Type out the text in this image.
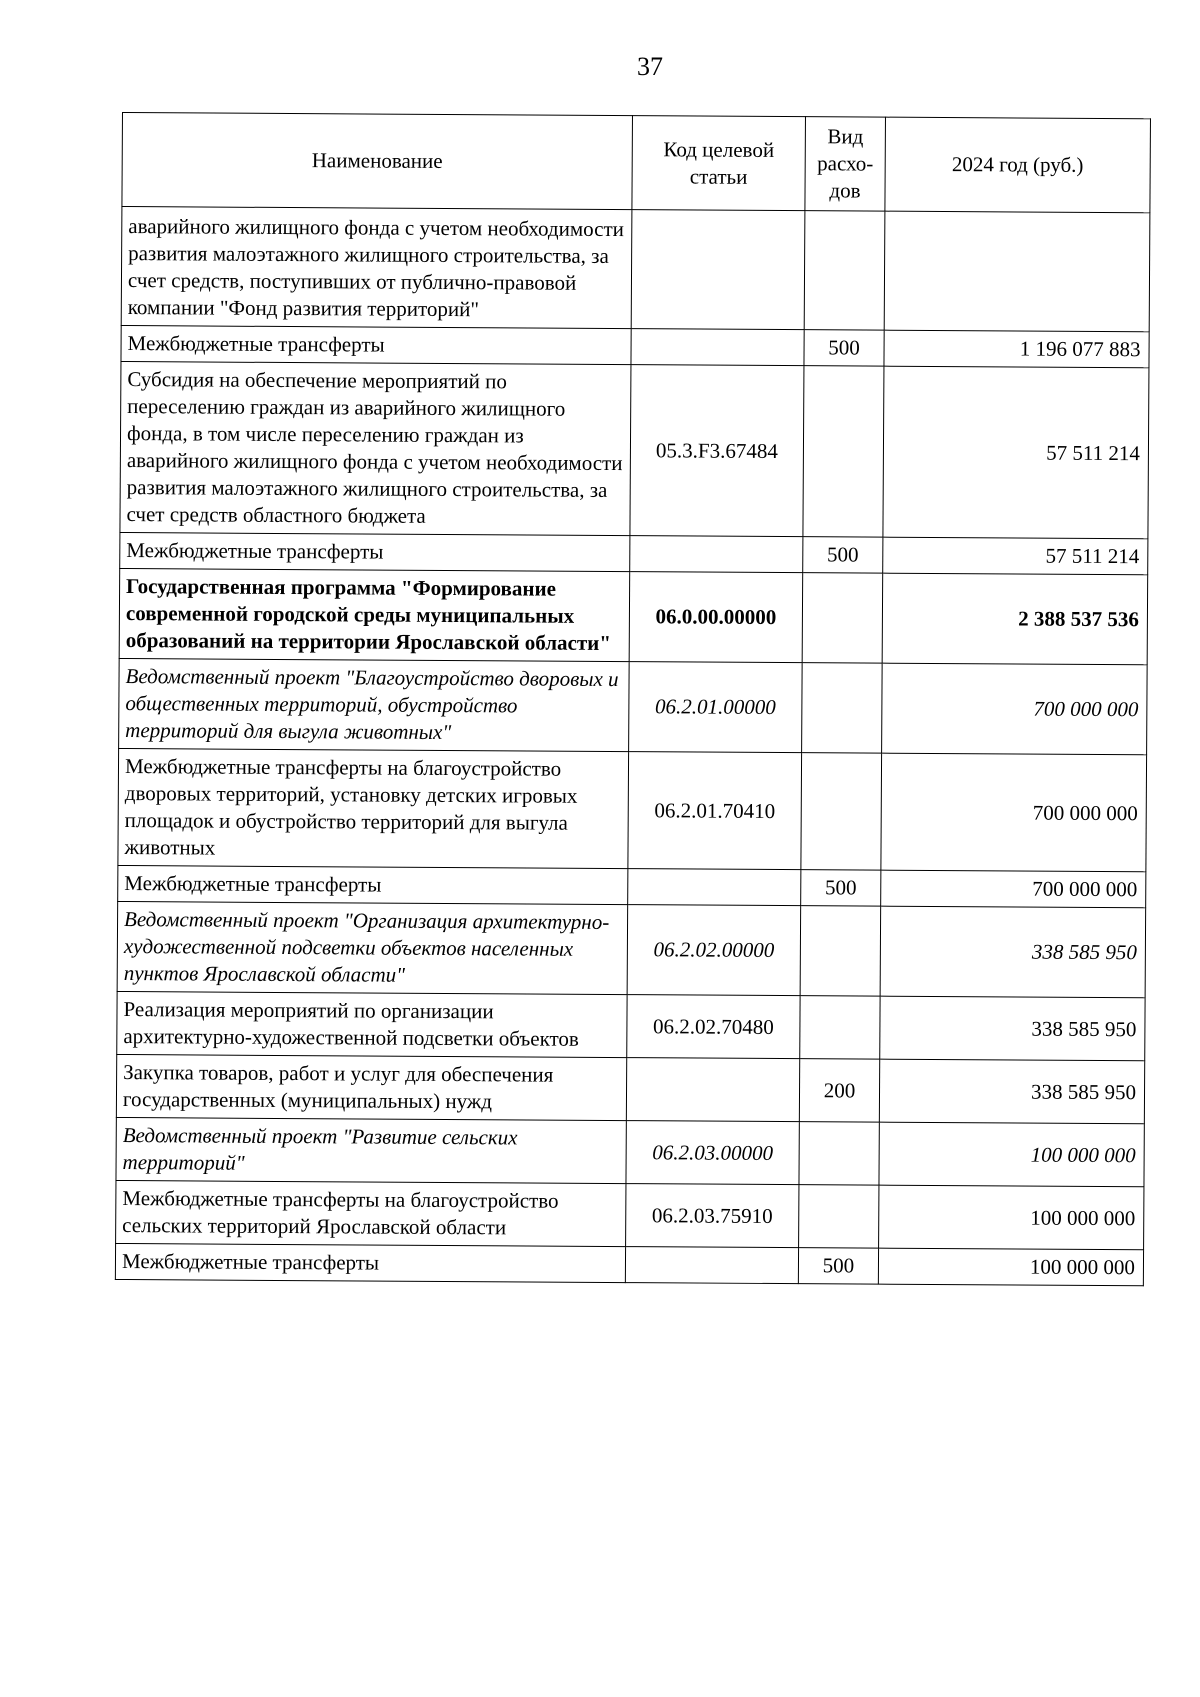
37
Наименование	Код целевой статьи	Вид расхо-дов	2024 год (руб.)
аварийного жилищного фонда с учетом необходимости развития малоэтажного жилищного строительства, за счет средств, поступивших от публично-правовой компании "Фонд развития территорий"			
Межбюджетные трансферты		500	1 196 077 883
Субсидия на обеспечение мероприятий по переселению граждан из аварийного жилищного фонда, в том числе переселению граждан из аварийного жилищного фонда с учетом необходимости развития малоэтажного жилищного строительства, за счет средств областного бюджета	05.3.F3.67484		57 511 214
Межбюджетные трансферты		500	57 511 214
Государственная программа "Формирование современной городской среды муниципальных образований на территории Ярославской области"	06.0.00.00000		2 388 537 536
Ведомственный проект "Благоустройство дворовых и общественных территорий, обустройство территорий для выгула животных"	06.2.01.00000		700 000 000
Межбюджетные трансферты на благоустройство дворовых территорий, установку детских игровых площадок и обустройство территорий для выгула животных	06.2.01.70410		700 000 000
Межбюджетные трансферты		500	700 000 000
Ведомственный проект "Организация архитектурно-художественной подсветки объектов населенных пунктов Ярославской области"	06.2.02.00000		338 585 950
Реализация мероприятий по организации архитектурно-художественной подсветки объектов	06.2.02.70480		338 585 950
Закупка товаров, работ и услуг для обеспечения государственных (муниципальных) нужд		200	338 585 950
Ведомственный проект "Развитие сельских территорий"	06.2.03.00000		100 000 000
Межбюджетные трансферты на благоустройство сельских территорий Ярославской области	06.2.03.75910		100 000 000
Межбюджетные трансферты		500	100 000 000
